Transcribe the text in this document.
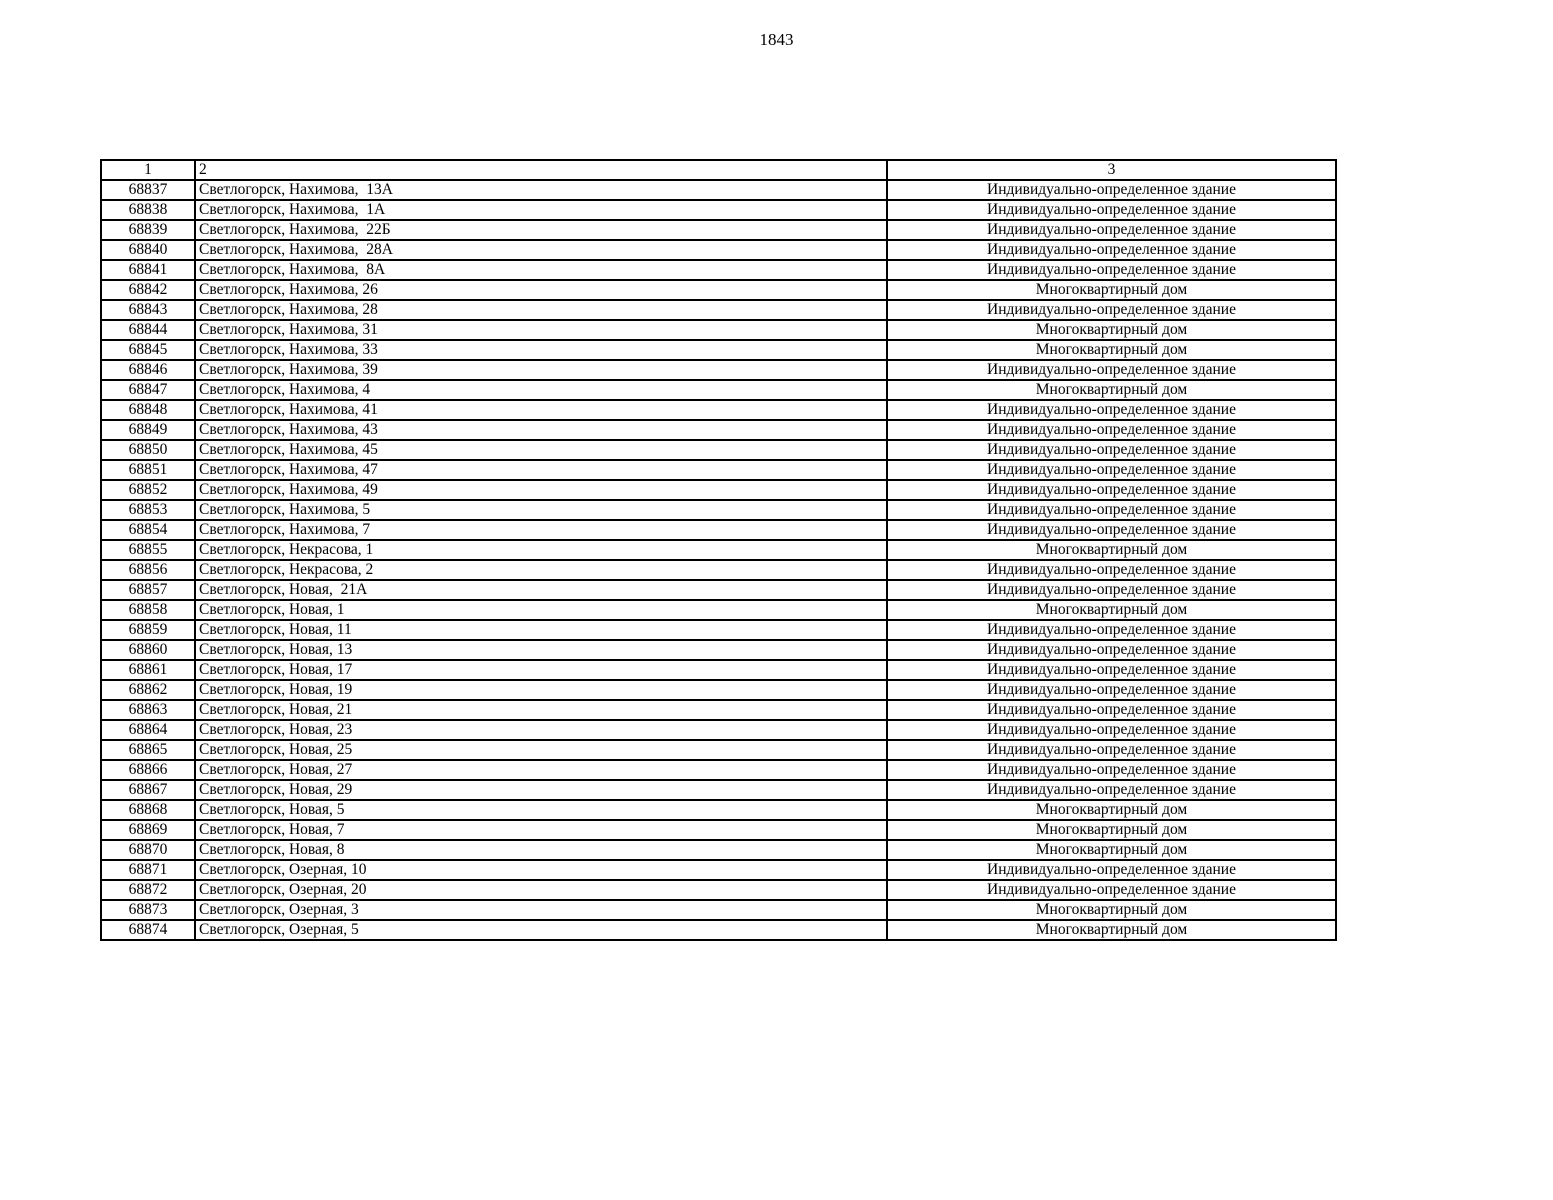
1843
1	2	3
68837	Светлогорск, Нахимова,  13А	Индивидуально-определенное здание
68838	Светлогорск, Нахимова,  1А	Индивидуально-определенное здание
68839	Светлогорск, Нахимова,  22Б	Индивидуально-определенное здание
68840	Светлогорск, Нахимова,  28А	Индивидуально-определенное здание
68841	Светлогорск, Нахимова,  8А	Индивидуально-определенное здание
68842	Светлогорск, Нахимова, 26	Многоквартирный дом
68843	Светлогорск, Нахимова, 28	Индивидуально-определенное здание
68844	Светлогорск, Нахимова, 31	Многоквартирный дом
68845	Светлогорск, Нахимова, 33	Многоквартирный дом
68846	Светлогорск, Нахимова, 39	Индивидуально-определенное здание
68847	Светлогорск, Нахимова, 4	Многоквартирный дом
68848	Светлогорск, Нахимова, 41	Индивидуально-определенное здание
68849	Светлогорск, Нахимова, 43	Индивидуально-определенное здание
68850	Светлогорск, Нахимова, 45	Индивидуально-определенное здание
68851	Светлогорск, Нахимова, 47	Индивидуально-определенное здание
68852	Светлогорск, Нахимова, 49	Индивидуально-определенное здание
68853	Светлогорск, Нахимова, 5	Индивидуально-определенное здание
68854	Светлогорск, Нахимова, 7	Индивидуально-определенное здание
68855	Светлогорск, Некрасова, 1	Многоквартирный дом
68856	Светлогорск, Некрасова, 2	Индивидуально-определенное здание
68857	Светлогорск, Новая,  21А	Индивидуально-определенное здание
68858	Светлогорск, Новая, 1	Многоквартирный дом
68859	Светлогорск, Новая, 11	Индивидуально-определенное здание
68860	Светлогорск, Новая, 13	Индивидуально-определенное здание
68861	Светлогорск, Новая, 17	Индивидуально-определенное здание
68862	Светлогорск, Новая, 19	Индивидуально-определенное здание
68863	Светлогорск, Новая, 21	Индивидуально-определенное здание
68864	Светлогорск, Новая, 23	Индивидуально-определенное здание
68865	Светлогорск, Новая, 25	Индивидуально-определенное здание
68866	Светлогорск, Новая, 27	Индивидуально-определенное здание
68867	Светлогорск, Новая, 29	Индивидуально-определенное здание
68868	Светлогорск, Новая, 5	Многоквартирный дом
68869	Светлогорск, Новая, 7	Многоквартирный дом
68870	Светлогорск, Новая, 8	Многоквартирный дом
68871	Светлогорск, Озерная, 10	Индивидуально-определенное здание
68872	Светлогорск, Озерная, 20	Индивидуально-определенное здание
68873	Светлогорск, Озерная, 3	Многоквартирный дом
68874	Светлогорск, Озерная, 5	Многоквартирный дом
